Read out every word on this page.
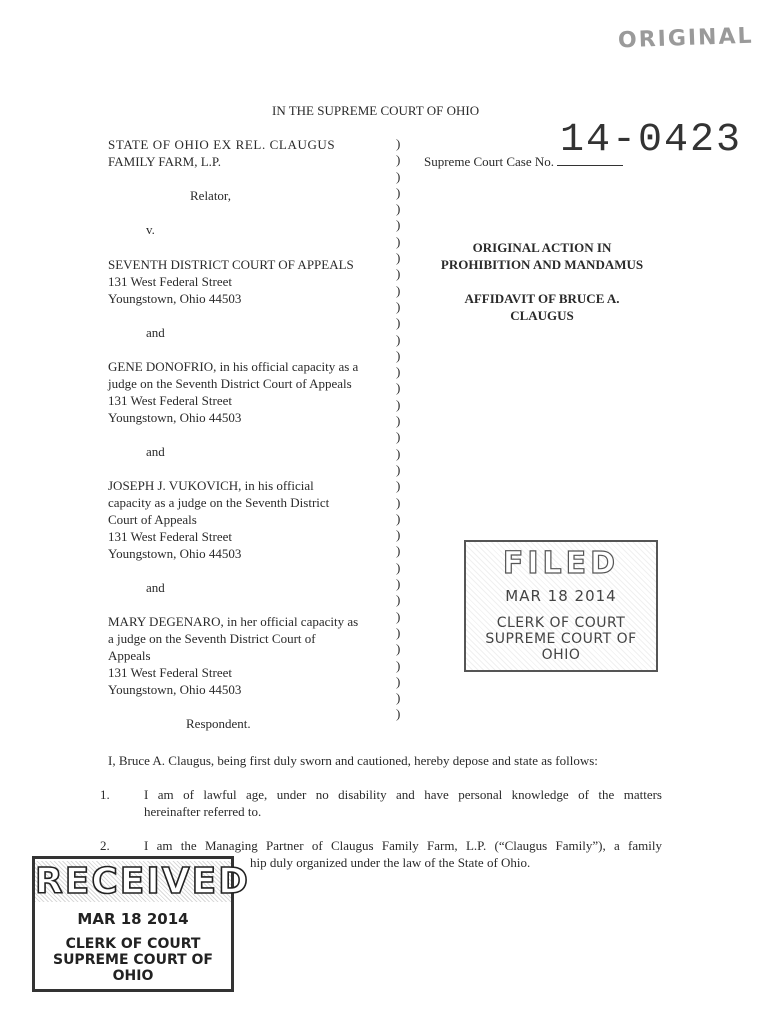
ORIGINAL
IN THE SUPREME COURT OF OHIO
14-0423
STATE OF OHIO EX REL. CLAUGUS
FAMILY FARM, L.P.
Relator,
v.
SEVENTH DISTRICT COURT OF APPEALS
131 West Federal Street
Youngstown, Ohio 44503
and
GENE DONOFRIO, in his official capacity as a
judge on the Seventh District Court of Appeals
131 West Federal Street
Youngstown, Ohio 44503
and
JOSEPH J. VUKOVICH, in his official
capacity as a judge on the Seventh District
Court of Appeals
131 West Federal Street
Youngstown, Ohio 44503
and
MARY DEGENARO, in her official capacity as
a judge on the Seventh District Court of
Appeals
131 West Federal Street
Youngstown, Ohio 44503
Respondent.
)
)
)
)
)
)
)
)
)
)
)
)
)
)
)
)
)
)
)
)
)
)
)
)
)
)
)
)
)
)
)
)
)
)
)
)
Supreme Court Case No.
ORIGINAL ACTION IN
PROHIBITION AND MANDAMUS
AFFIDAVIT OF BRUCE A.
CLAUGUS
FILED
MAR 18 2014
CLERK OF COURT
SUPREME COURT OF OHIO
I, Bruce A. Claugus, being first duly sworn and cautioned, hereby depose and state as follows:
1.	I am of lawful age, under no disability and have personal knowledge of the matters
hereinafter referred to.
2.	I am the Managing Partner of Claugus Family Farm, L.P. (“Claugus Family”), a family
hip duly organized under the law of the State of Ohio.
RECEIVED
MAR 18 2014
CLERK OF COURT
SUPREME COURT OF OHIO
